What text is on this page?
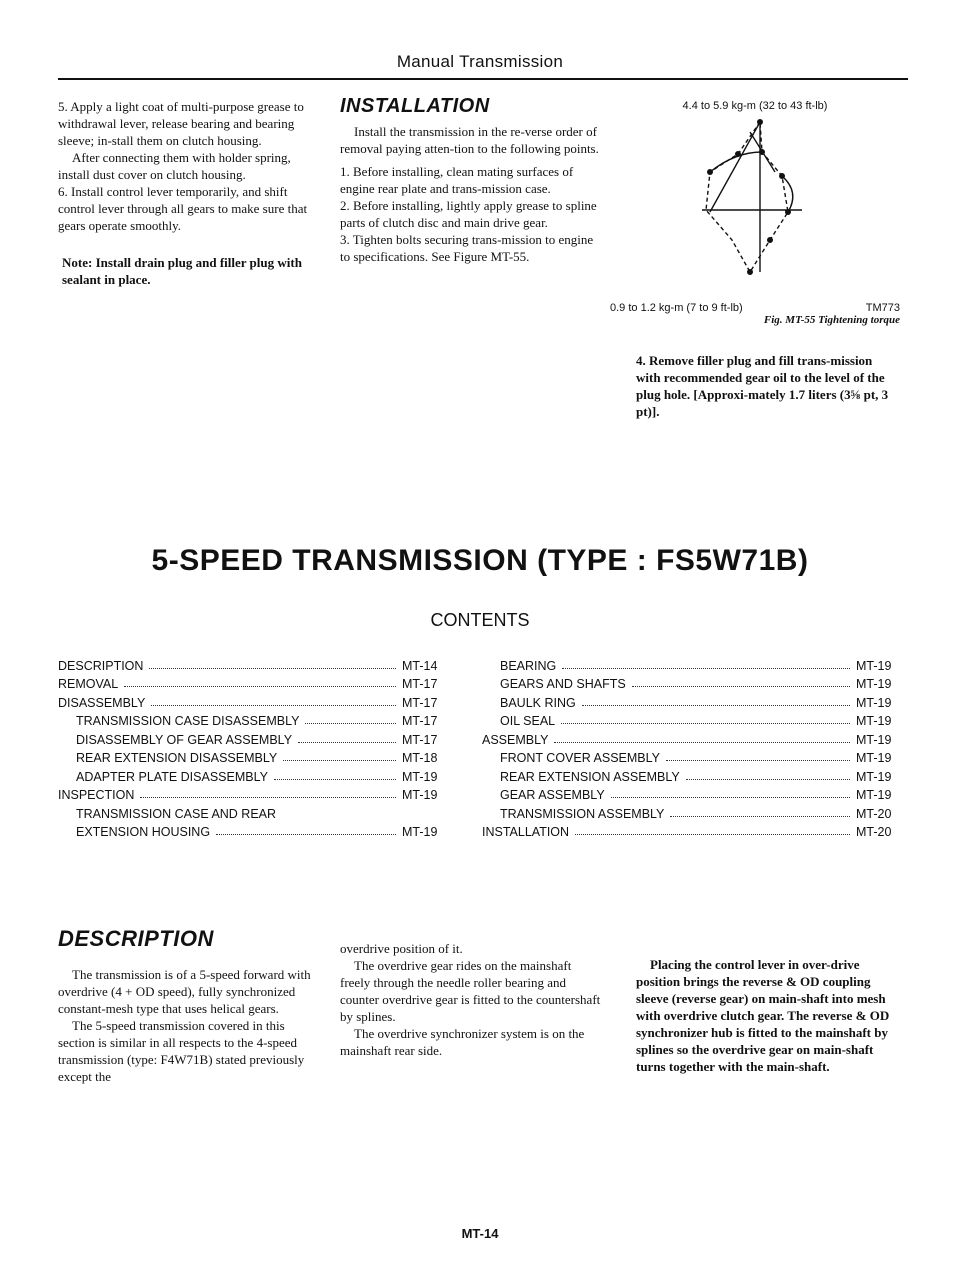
Manual Transmission

5. Apply a light coat of multi-purpose grease to withdrawal lever, release bearing and bearing sleeve; in-stall them on clutch housing.

After connecting them with holder spring, install dust cover on clutch housing.

6. Install control lever temporarily, and shift control lever through all gears to make sure that gears operate smoothly.

Note: Install drain plug and filler plug with sealant in place.

INSTALLATION

Install the transmission in the re-verse order of removal paying atten-tion to the following points.

1. Before installing, clean mating surfaces of engine rear plate and trans-mission case.

2. Before installing, lightly apply grease to spline parts of clutch disc and main drive gear.

3. Tighten bolts securing trans-mission to engine to specifications. See Figure MT-55.

4.4 to 5.9 kg-m (32 to 43 ft-lb)
0.9 to 1.2 kg-m (7 to 9 ft-lb)	TM773
Fig. MT-55 Tightening torque
4. Remove filler plug and fill trans-mission with recommended gear oil to the level of the plug hole. [Approxi-mately 1.7 liters (3⅝ pt, 3 pt)].
5-SPEED TRANSMISSION (TYPE : FS5W71B)
CONTENTS
DESCRIPTION	MT-14
REMOVAL	MT-17
DISASSEMBLY	MT-17
TRANSMISSION CASE DISASSEMBLY	MT-17
DISASSEMBLY OF GEAR ASSEMBLY	MT-17
REAR EXTENSION DISASSEMBLY	MT-18
ADAPTER PLATE DISASSEMBLY	MT-19
INSPECTION	MT-19
TRANSMISSION CASE AND REAR
EXTENSION HOUSING	MT-19
BEARING	MT-19
GEARS AND SHAFTS	MT-19
BAULK RING	MT-19
OIL SEAL	MT-19
ASSEMBLY	MT-19
FRONT COVER ASSEMBLY	MT-19
REAR EXTENSION ASSEMBLY	MT-19
GEAR ASSEMBLY	MT-19
TRANSMISSION ASSEMBLY	MT-20
INSTALLATION	MT-20
DESCRIPTION

The transmission is of a 5-speed forward with overdrive (4 + OD speed), fully synchronized constant-mesh type that uses helical gears.

The 5-speed transmission covered in this section is similar in all respects to the 4-speed transmission (type: F4W71B) stated previously except the

overdrive position of it.

The overdrive gear rides on the mainshaft freely through the needle roller bearing and counter overdrive gear is fitted to the countershaft by splines.

The overdrive synchronizer system is on the mainshaft rear side.

Placing the control lever in over-drive position brings the reverse & OD coupling sleeve (reverse gear) on main-shaft into mesh with overdrive clutch gear. The reverse & OD synchronizer hub is fitted to the mainshaft by splines so the overdrive gear on main-shaft turns together with the main-shaft.

MT-14
